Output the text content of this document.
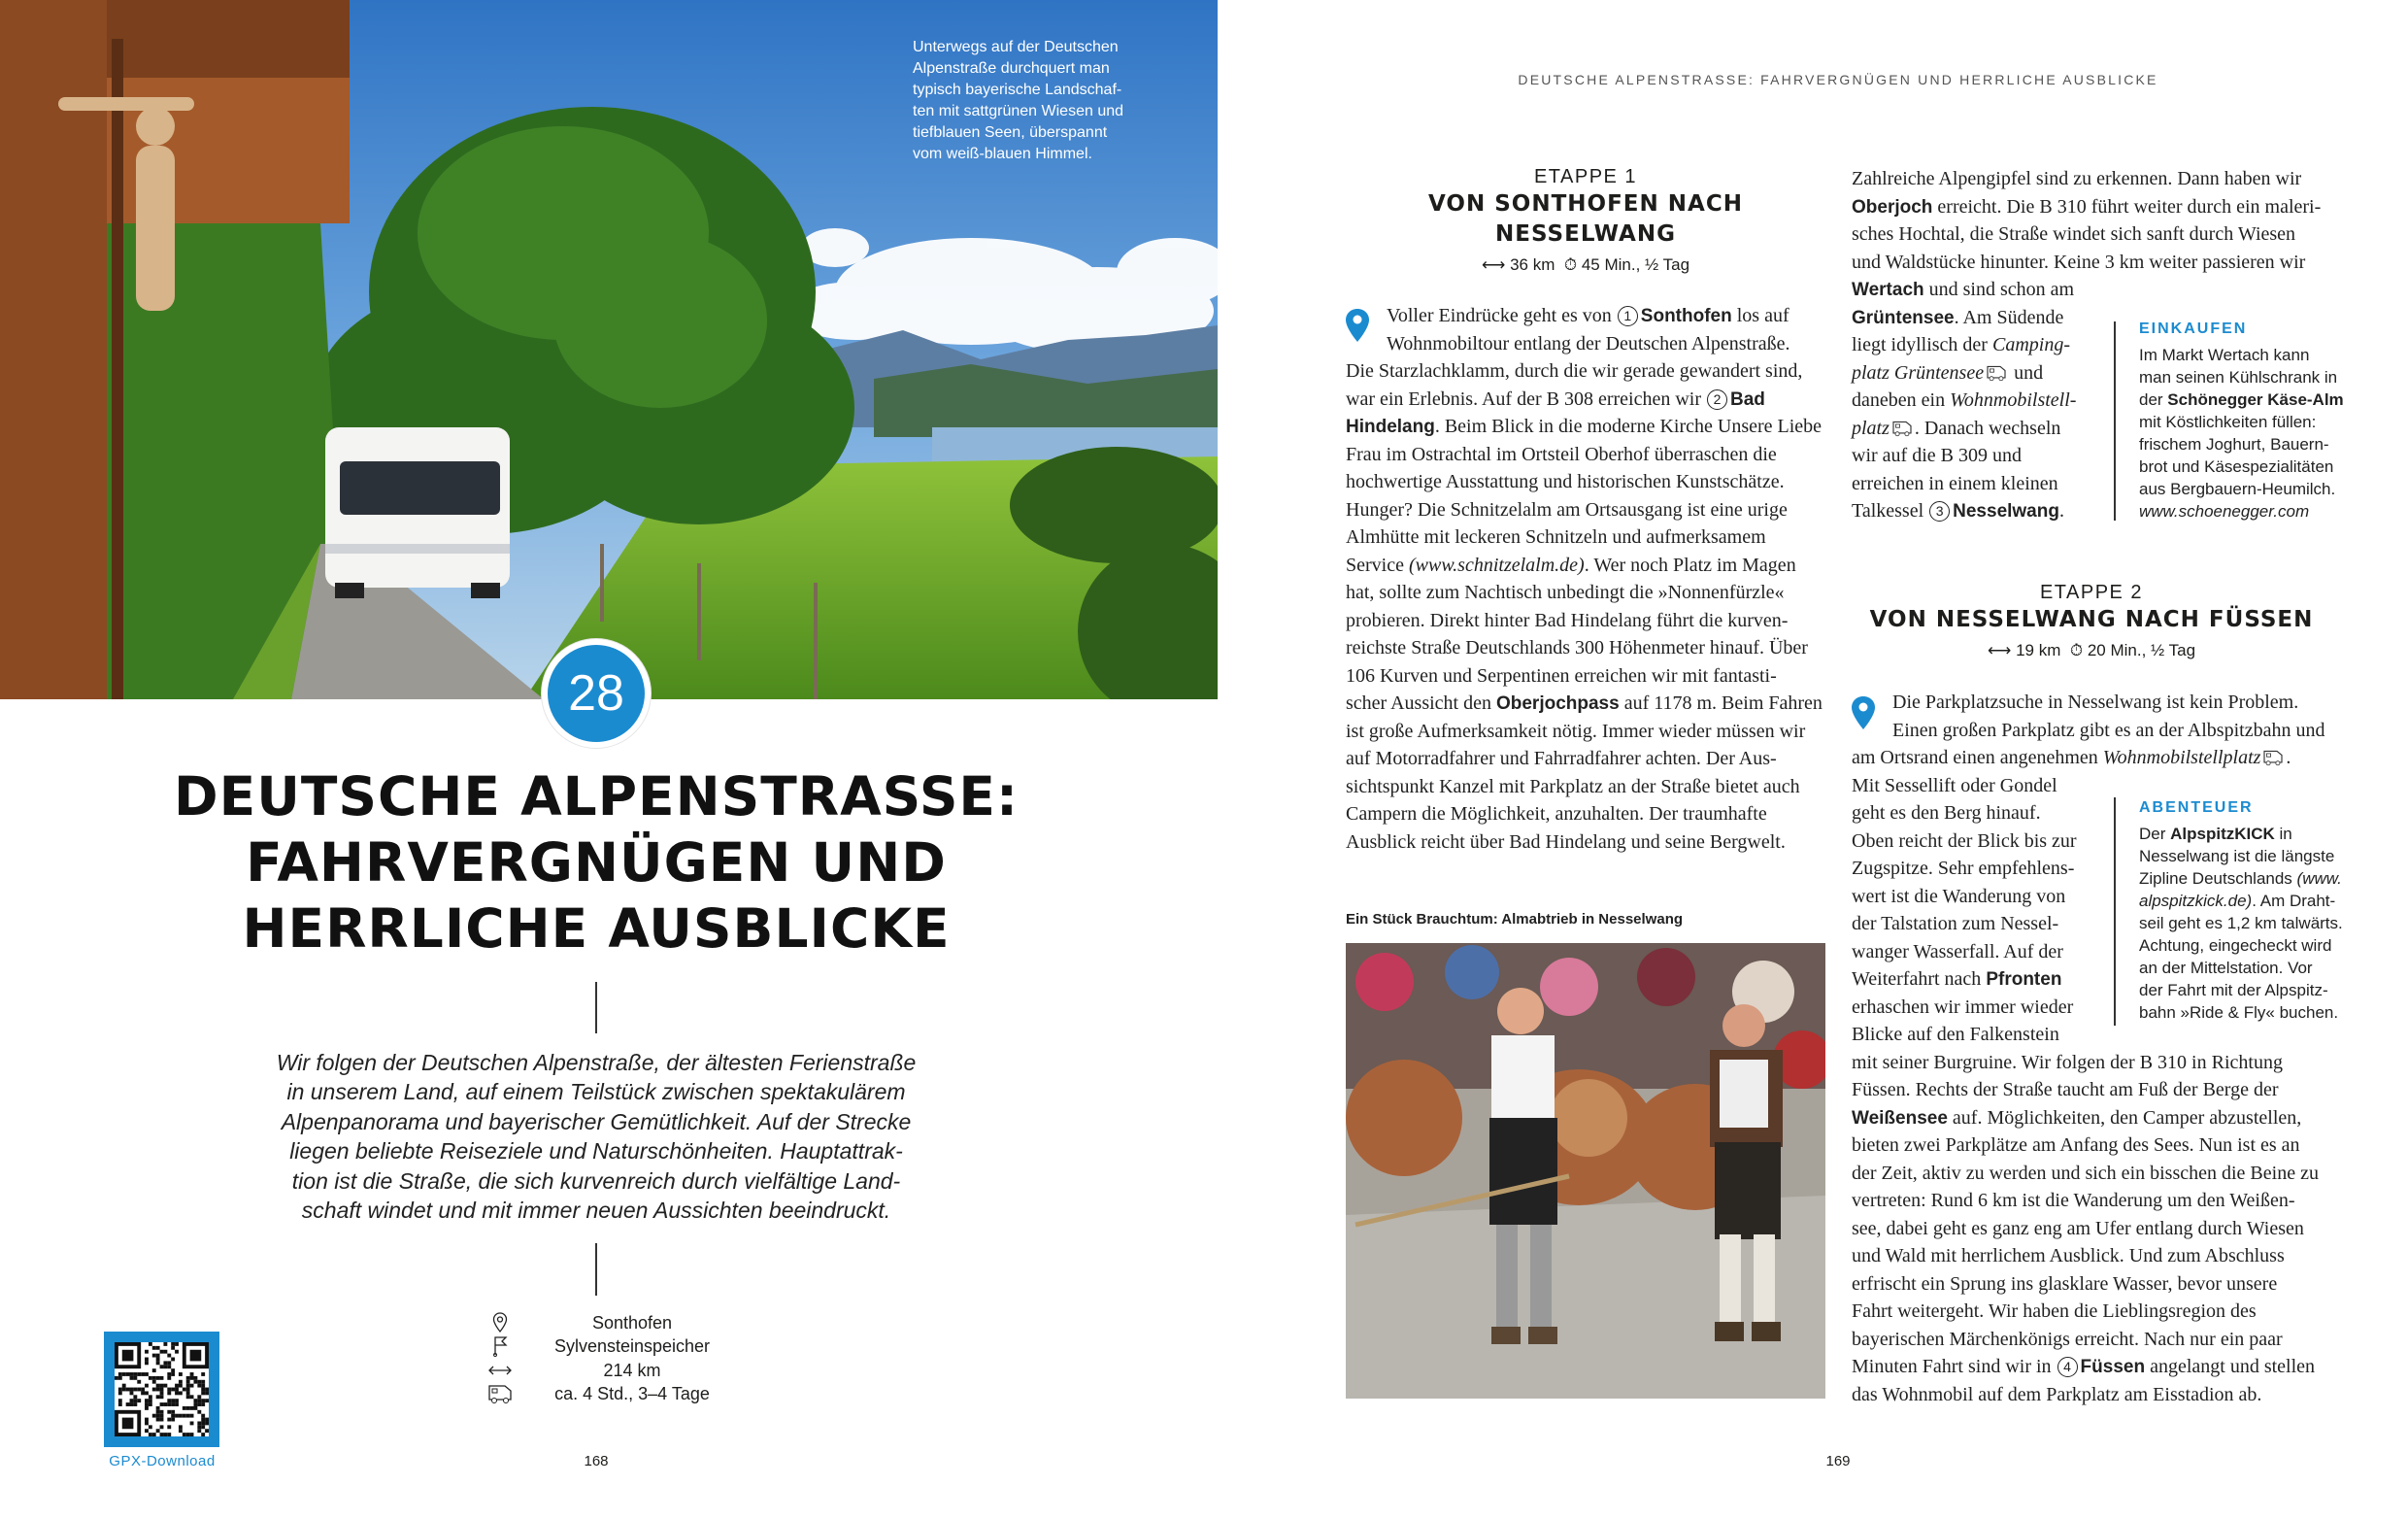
Unterwegs auf der Deutschen
Alpenstraße durchquert man
typisch bayerische Landschaf-
ten mit sattgrünen Wiesen und
tiefblauen Seen, überspannt
vom weiß-blauen Himmel.
28
DEUTSCHE ALPENSTRASSE:
FAHRVERGNÜGEN UND
HERRLICHE AUSBLICKE
Wir folgen der Deutschen Alpenstraße, der ältesten Ferienstraße
in unserem Land, auf einem Teilstück zwischen spektakulärem
Alpenpanorama und bayerischer Gemütlichkeit. Auf der Strecke
liegen beliebte Reiseziele und Naturschönheiten. Hauptattrak-
tion ist die Straße, die sich kurvenreich durch vielfältige Land-
schaft windet und mit immer neuen Aussichten beeindruckt.
Sonthofen
Sylvensteinspeicher
214 km
ca. 4 Std., 3–4 Tage
GPX-Download	168
DEUTSCHE ALPENSTRASSE: FAHRVERGNÜGEN UND HERRLICHE AUSBLICKE
ETAPPE 1
VON SONTHOFEN NACH
NESSELWANG
⟷ 36 km ⏱ 45 Min., ½ Tag
Voller Eindrücke geht es von 1 Sonthofen los auf
Wohnmobiltour entlang der Deutschen Alpenstraße.
Die Starzlachklamm, durch die wir gerade gewandert sind,
war ein Erlebnis. Auf der B 308 erreichen wir 2 Bad
Hindelang. Beim Blick in die moderne Kirche Unsere Liebe
Frau im Ostrachtal im Ortsteil Oberhof überraschen die
hochwertige Ausstattung und historischen Kunstschätze.
Hunger? Die Schnitzelalm am Ortsausgang ist eine urige
Almhütte mit leckeren Schnitzeln und aufmerksamem
Service (www.schnitzelalm.de). Wer noch Platz im Magen
hat, sollte zum Nachtisch unbedingt die »Nonnenfürzle«
probieren. Direkt hinter Bad Hindelang führt die kurven-
reichste Straße Deutschlands 300 Höhenmeter hinauf. Über
106 Kurven und Serpentinen erreichen wir mit fantasti-
scher Aussicht den Oberjochpass auf 1178 m. Beim Fahren
ist große Aufmerksamkeit nötig. Immer wieder müssen wir
auf Motorradfahrer und Fahrradfahrer achten. Der Aus-
sichtspunkt Kanzel mit Parkplatz an der Straße bietet auch
Campern die Möglichkeit, anzuhalten. Der traumhafte
Ausblick reicht über Bad Hindelang und seine Bergwelt.
Ein Stück Brauchtum: Almabtrieb in Nesselwang
Zahlreiche Alpengipfel sind zu erkennen. Dann haben wir
Oberjoch erreicht. Die B 310 führt weiter durch ein maleri-
sches Hochtal, die Straße windet sich sanft durch Wiesen
und Waldstücke hinunter. Keine 3 km weiter passieren wir
Wertach und sind schon am
Grüntensee. Am Südende
liegt idyllisch der Camping-
platz Grüntensee und
daneben ein Wohnmobilstell-
platz . Danach wechseln
wir auf die B 309 und
erreichen in einem kleinen
Talkessel 3 Nesselwang.
EINKAUFEN
Im Markt Wertach kann
man seinen Kühlschrank in
der Schönegger Käse-Alm
mit Köstlichkeiten füllen:
frischem Joghurt, Bauern-
brot und Käsespezialitäten
aus Bergbauern-Heumilch.
www.schoenegger.com
ETAPPE 2
VON NESSELWANG NACH FÜSSEN
⟷ 19 km ⏱ 20 Min., ½ Tag
Die Parkplatzsuche in Nesselwang ist kein Problem.
Einen großen Parkplatz gibt es an der Albspitzbahn und
am Ortsrand einen angenehmen Wohnmobilstellplatz .
Mit Sessellift oder Gondel
geht es den Berg hinauf.
Oben reicht der Blick bis zur
Zugspitze. Sehr empfehlens-
wert ist die Wanderung von
der Talstation zum Nessel-
wanger Wasserfall. Auf der
Weiterfahrt nach Pfronten
erhaschen wir immer wieder
Blicke auf den Falkenstein
mit seiner Burgruine. Wir folgen der B 310 in Richtung
Füssen. Rechts der Straße taucht am Fuß der Berge der
Weißensee auf. Möglichkeiten, den Camper abzustellen,
bieten zwei Parkplätze am Anfang des Sees. Nun ist es an
der Zeit, aktiv zu werden und sich ein bisschen die Beine zu
vertreten: Rund 6 km ist die Wanderung um den Weißen-
see, dabei geht es ganz eng am Ufer entlang durch Wiesen
und Wald mit herrlichem Ausblick. Und zum Abschluss
erfrischt ein Sprung ins glasklare Wasser, bevor unsere
Fahrt weitergeht. Wir haben die Lieblingsregion des
bayerischen Märchenkönigs erreicht. Nach nur ein paar
Minuten Fahrt sind wir in 4 Füssen angelangt und stellen
das Wohnmobil auf dem Parkplatz am Eisstadion ab.
ABENTEUER
Der AlpspitzKICK in
Nesselwang ist die längste
Zipline Deutschlands (www.
alpspitzkick.de). Am Draht-
seil geht es 1,2 km talwärts.
Achtung, eingecheckt wird
an der Mittelstation. Vor
der Fahrt mit der Alpspitz-
bahn »Ride & Fly« buchen.
169
